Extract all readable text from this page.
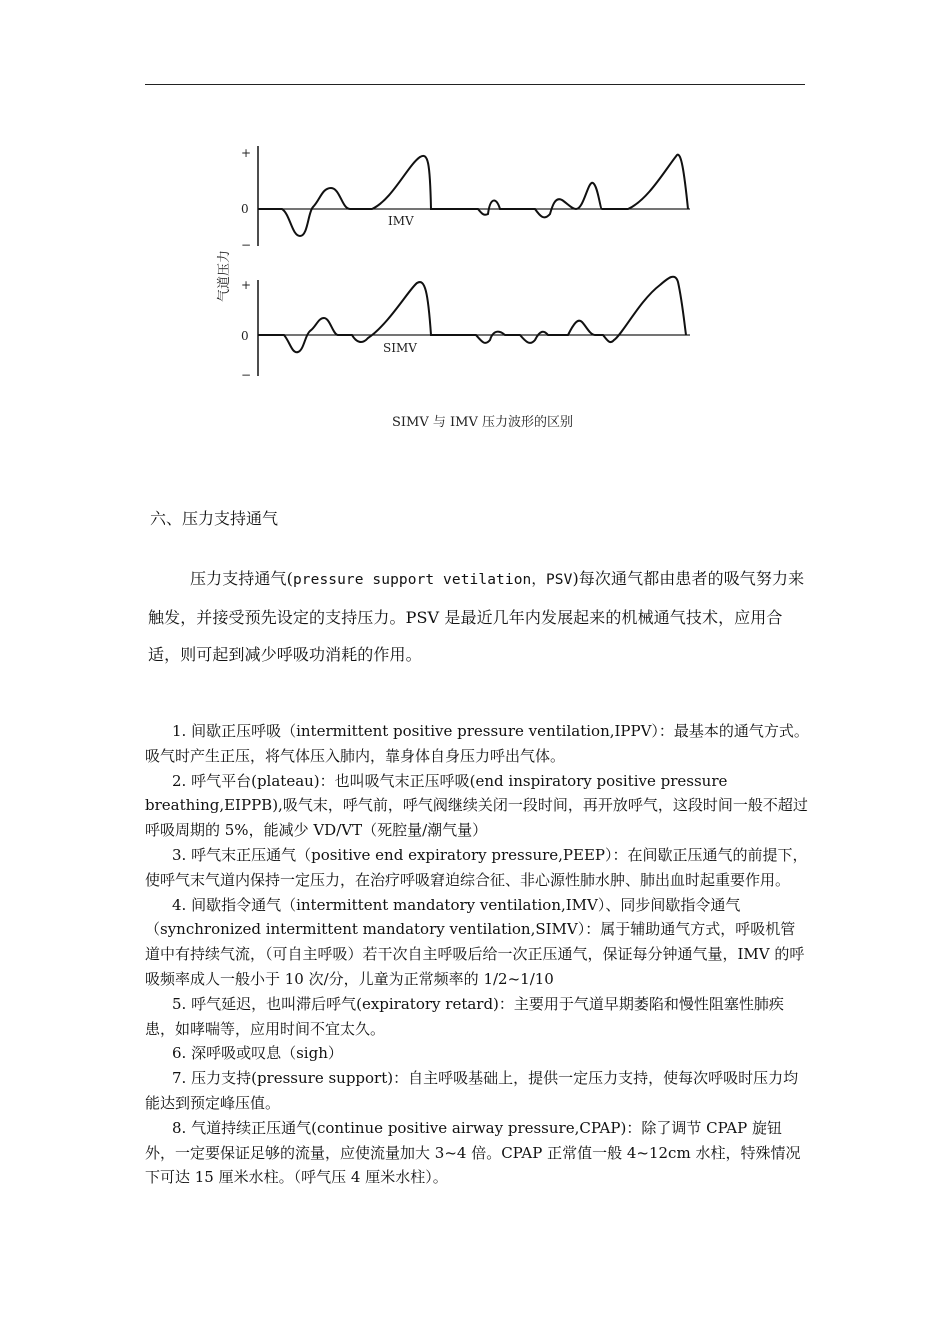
气道压力
+
0
−
IMV
+
0
−
SIMV
SIMV 与 IMV 压力波形的区别
六、压力支持通气

压力支持通气(pressure support vetilation，PSV)每次通气都由患者的吸气努力来触发，并接受预先设定的支持压力。PSV 是最近几年内发展起来的机械通气技术，应用合适，则可起到减少呼吸功消耗的作用。

1. 间歇正压呼吸（intermittent positive pressure ventilation,IPPV）：最基本的通气方式。吸气时产生正压，将气体压入肺内，靠身体自身压力呼出气体。
2. 呼气平台(plateau)：也叫吸气末正压呼吸(end inspiratory positive pressure breathing,EIPPB),吸气末，呼气前，呼气阀继续关闭一段时间，再开放呼气，这段时间一般不超过呼吸周期的 5%，能减少 VD/VT（死腔量/潮气量）
3. 呼气末正压通气（positive end expiratory pressure,PEEP）：在间歇正压通气的前提下，使呼气末气道内保持一定压力，在治疗呼吸窘迫综合征、非心源性肺水肿、肺出血时起重要作用。
4. 间歇指令通气（intermittent mandatory ventilation,IMV）、同步间歇指令通气（synchronized intermittent mandatory ventilation,SIMV）：属于辅助通气方式，呼吸机管道中有持续气流，（可自主呼吸）若干次自主呼吸后给一次正压通气，保证每分钟通气量，IMV 的呼吸频率成人一般小于 10 次/分，儿童为正常频率的 1/2~1/10
5. 呼气延迟，也叫滞后呼气(expiratory retard)：主要用于气道早期萎陷和慢性阻塞性肺疾患，如哮喘等，应用时间不宜太久。
6. 深呼吸或叹息（sigh）
7. 压力支持(pressure support)：自主呼吸基础上，提供一定压力支持，使每次呼吸时压力均能达到预定峰压值。
8. 气道持续正压通气(continue positive airway pressure,CPAP)：除了调节 CPAP 旋钮外，一定要保证足够的流量，应使流量加大 3~4 倍。CPAP 正常值一般 4~12cm 水柱，特殊情况下可达 15 厘米水柱。（呼气压 4 厘米水柱）。
